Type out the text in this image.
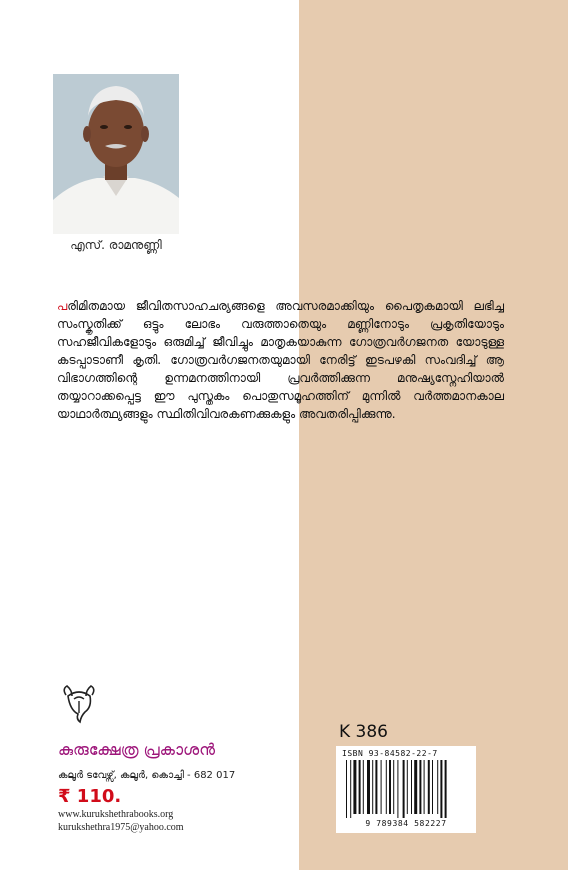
എസ്. രാമനുണ്ണി
പരിമിതമായ ജീവിതസാഹചര്യങ്ങളെ അവസരമാക്കിയും പൈതൃകമായി ലഭിച്ച സംസ്കൃതിക്ക് ഒട്ടും ലോഭം വരുത്താതെയും മണ്ണിനോടും പ്രകൃതിയോടും സഹജീവികളോടും ഒരുമിച്ച് ജീവിച്ചും മാതൃകയാകുന്ന ഗോത്രവർഗജനത യോടുള്ള കടപ്പാടാണീ കൃതി. ഗോത്രവർഗജനതയുമായി നേരിട്ട് ഇടപഴകി സംവദിച്ച് ആ വിഭാഗത്തിന്റെ ഉന്നമനത്തിനായി പ്രവർത്തിക്കുന്ന മനുഷ്യസ്നേഹിയാൽ തയ്യാറാക്കപ്പെട്ട ഈ പുസ്തകം പൊതുസമൂഹത്തിന് മുന്നിൽ വർത്തമാനകാല യാഥാർത്ഥ്യങ്ങളും സ്ഥിതിവിവരകണക്കുകളും അവതരിപ്പിക്കുന്നു.
കുരുക്ഷേത്ര പ്രകാശൻ
കലൂർ ടവേഴ്സ്, കലൂർ, കൊച്ചി - 682 017
₹ 110.
www.kurukshethrabooks.org
kurukshethra1975@yahoo.com
K 386
ISBN 93-84582-22-7
9 789384 582227
